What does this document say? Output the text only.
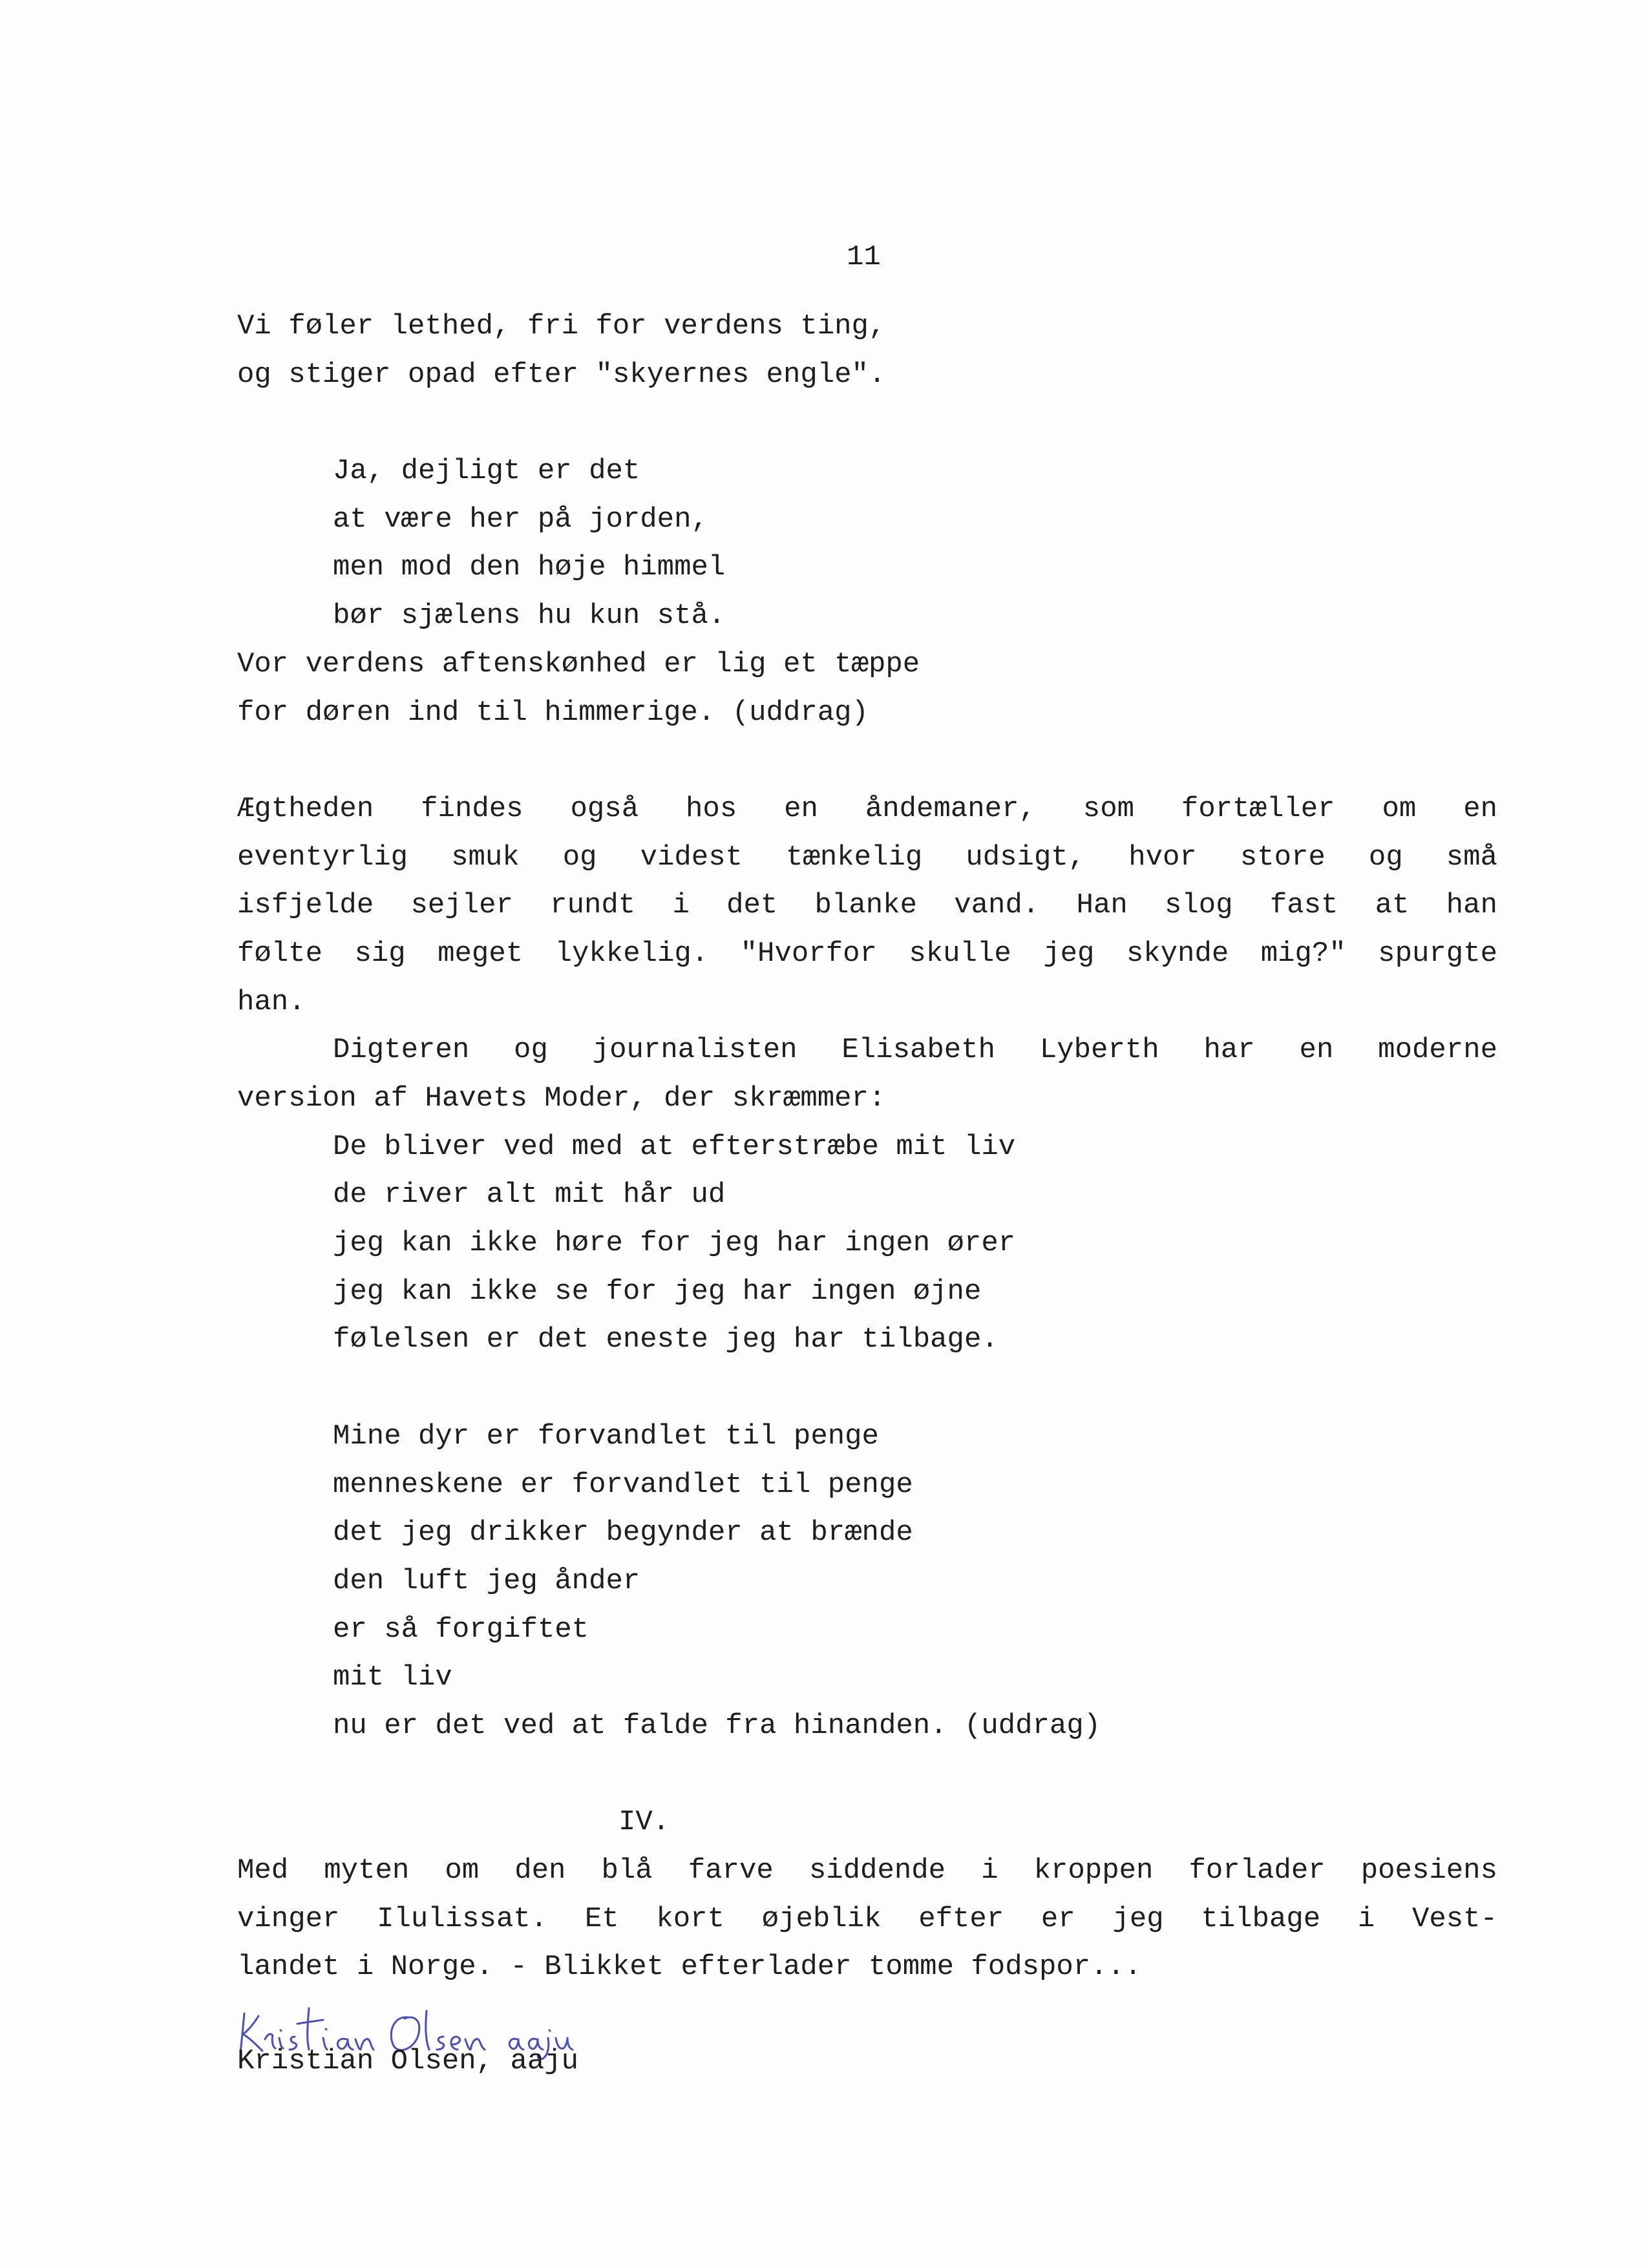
11
Vi føler lethed, fri for verdens ting,
og stiger opad efter "skyernes engle".
Ja, dejligt er det
at være her på jorden,
men mod den høje himmel
bør sjælens hu kun stå.
Vor verdens aftenskønhed er lig et tæppe
for døren ind til himmerige. (uddrag)
Ægtheden findes også hos en åndemaner, som fortæller om en
eventyrlig smuk og videst tænkelig udsigt, hvor store og små
isfjelde sejler rundt i det blanke vand. Han slog fast at han
følte sig meget lykkelig. "Hvorfor skulle jeg skynde mig?" spurgte
han.
Digteren og journalisten Elisabeth Lyberth har en moderne
version af Havets Moder, der skræmmer:
De bliver ved med at efterstræbe mit liv
de river alt mit hår ud
jeg kan ikke høre for jeg har ingen ører
jeg kan ikke se for jeg har ingen øjne
følelsen er det eneste jeg har tilbage.
Mine dyr er forvandlet til penge
menneskene er forvandlet til penge
det jeg drikker begynder at brænde
den luft jeg ånder
er så forgiftet
mit liv
nu er det ved at falde fra hinanden. (uddrag)
IV.
Med myten om den blå farve siddende i kroppen forlader poesiens
vinger Ilulissat. Et kort øjeblik efter er jeg tilbage i Vest-
landet i Norge. - Blikket efterlader tomme fodspor...
Kristian Olsen, aaju
